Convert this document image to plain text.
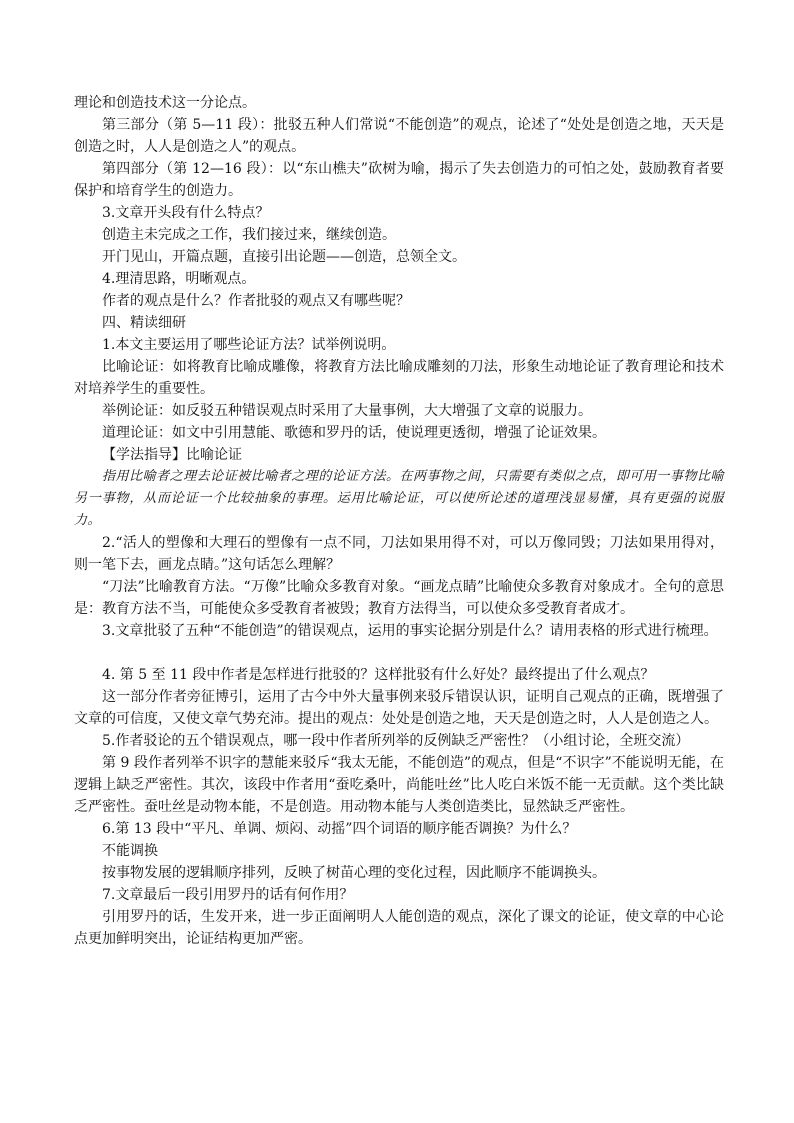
理论和创造技术这一分论点。

第三部分（第 5—11 段）：批驳五种人们常说“不能创造”的观点，论述了“处处是创造之地，天天是创造之时，人人是创造之人”的观点。

第四部分（第 12—16 段）：以“东山樵夫”砍树为喻，揭示了失去创造力的可怕之处，鼓励教育者要保护和培育学生的创造力。

3.文章开头段有什么特点？

创造主未完成之工作，我们接过来，继续创造。

开门见山，开篇点题，直接引出论题——创造，总领全文。

4.理清思路，明晰观点。

作者的观点是什么？作者批驳的观点又有哪些呢？

四、精读细研

1.本文主要运用了哪些论证方法？试举例说明。

比喻论证：如将教育比喻成雕像，将教育方法比喻成雕刻的刀法，形象生动地论证了教育理论和技术对培养学生的重要性。

举例论证：如反驳五种错误观点时采用了大量事例，大大增强了文章的说服力。

道理论证：如文中引用慧能、歌德和罗丹的话，使说理更透彻，增强了论证效果。

【学法指导】比喻论证

指用比喻者之理去论证被比喻者之理的论证方法。在两事物之间，只需要有类似之点，即可用一事物比喻另一事物，从而论证一个比较抽象的事理。运用比喻论证，可以使所论述的道理浅显易懂，具有更强的说服力。

2.“活人的塑像和大理石的塑像有一点不同，刀法如果用得不对，可以万像同毁；刀法如果用得对，则一笔下去，画龙点睛。”这句话怎么理解？

“刀法”比喻教育方法。“万像”比喻众多教育对象。“画龙点睛”比喻使众多教育对象成才。全句的意思是：教育方法不当，可能使众多受教育者被毁；教育方法得当，可以使众多受教育者成才。

3.文章批驳了五种“不能创造”的错误观点，运用的事实论据分别是什么？请用表格的形式进行梳理。

4. 第 5 至 11 段中作者是怎样进行批驳的？这样批驳有什么好处？最终提出了什么观点？

这一部分作者旁征博引，运用了古今中外大量事例来驳斥错误认识，证明自己观点的正确，既增强了文章的可信度，又使文章气势充沛。提出的观点：处处是创造之地，天天是创造之时，人人是创造之人。

5.作者驳论的五个错误观点，哪一段中作者所列举的反例缺乏严密性？（小组讨论，全班交流）

第 9 段作者列举不识字的慧能来驳斥“我太无能，不能创造”的观点，但是“不识字”不能说明无能，在逻辑上缺乏严密性。其次，该段中作者用“蚕吃桑叶，尚能吐丝”比人吃白米饭不能一无贡献。这个类比缺乏严密性。蚕吐丝是动物本能，不是创造。用动物本能与人类创造类比，显然缺乏严密性。

6.第 13 段中“平凡、单调、烦闷、动摇”四个词语的顺序能否调换？为什么？

不能调换

按事物发展的逻辑顺序排列，反映了树苗心理的变化过程，因此顺序不能调换头。

7.文章最后一段引用罗丹的话有何作用？

引用罗丹的话，生发开来，进一步正面阐明人人能创造的观点，深化了课文的论证，使文章的中心论点更加鲜明突出，论证结构更加严密。
